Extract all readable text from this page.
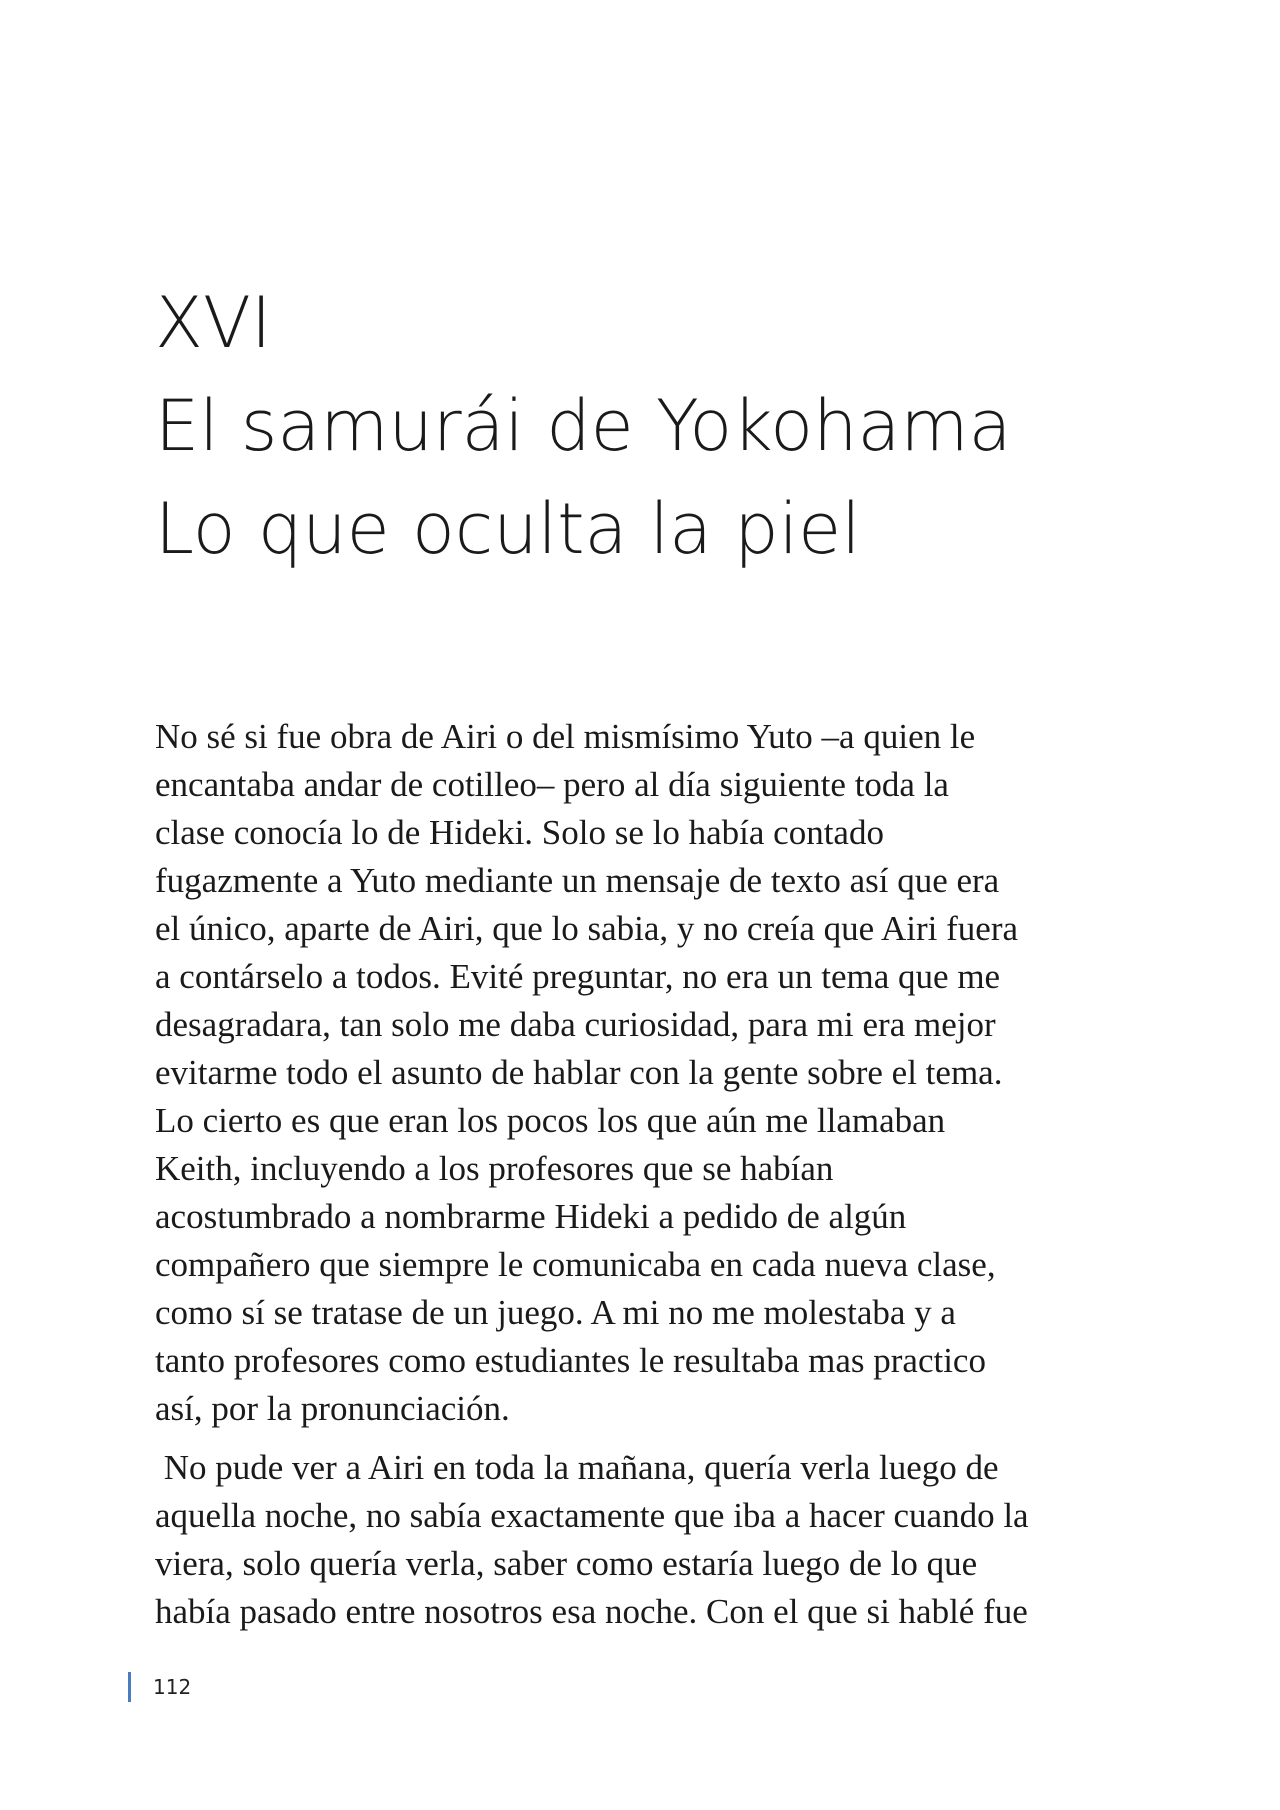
XVI
El samurái de Yokohama
Lo que oculta la piel

No sé si fue obra de Airi o del mismísimo Yuto –a quien le
encantaba andar de cotilleo– pero al día siguiente toda la
clase conocía lo de Hideki. Solo se lo había contado
fugazmente a Yuto mediante un mensaje de texto así que era
el único, aparte de Airi, que lo sabia, y no creía que Airi fuera
a contárselo a todos. Evité preguntar, no era un tema que me
desagradara, tan solo me daba curiosidad, para mi era mejor
evitarme todo el asunto de hablar con la gente sobre el tema.
Lo cierto es que eran los pocos los que aún me llamaban
Keith, incluyendo a los profesores que se habían
acostumbrado a nombrarme Hideki a pedido de algún
compañero que siempre le comunicaba en cada nueva clase,
como sí se tratase de un juego. A mi no me molestaba y a
tanto profesores como estudiantes le resultaba mas practico
así, por la pronunciación.

No pude ver a Airi en toda la mañana, quería verla luego de
aquella noche, no sabía exactamente que iba a hacer cuando la
viera, solo quería verla, saber como estaría luego de lo que
había pasado entre nosotros esa noche. Con el que si hablé fue

112
